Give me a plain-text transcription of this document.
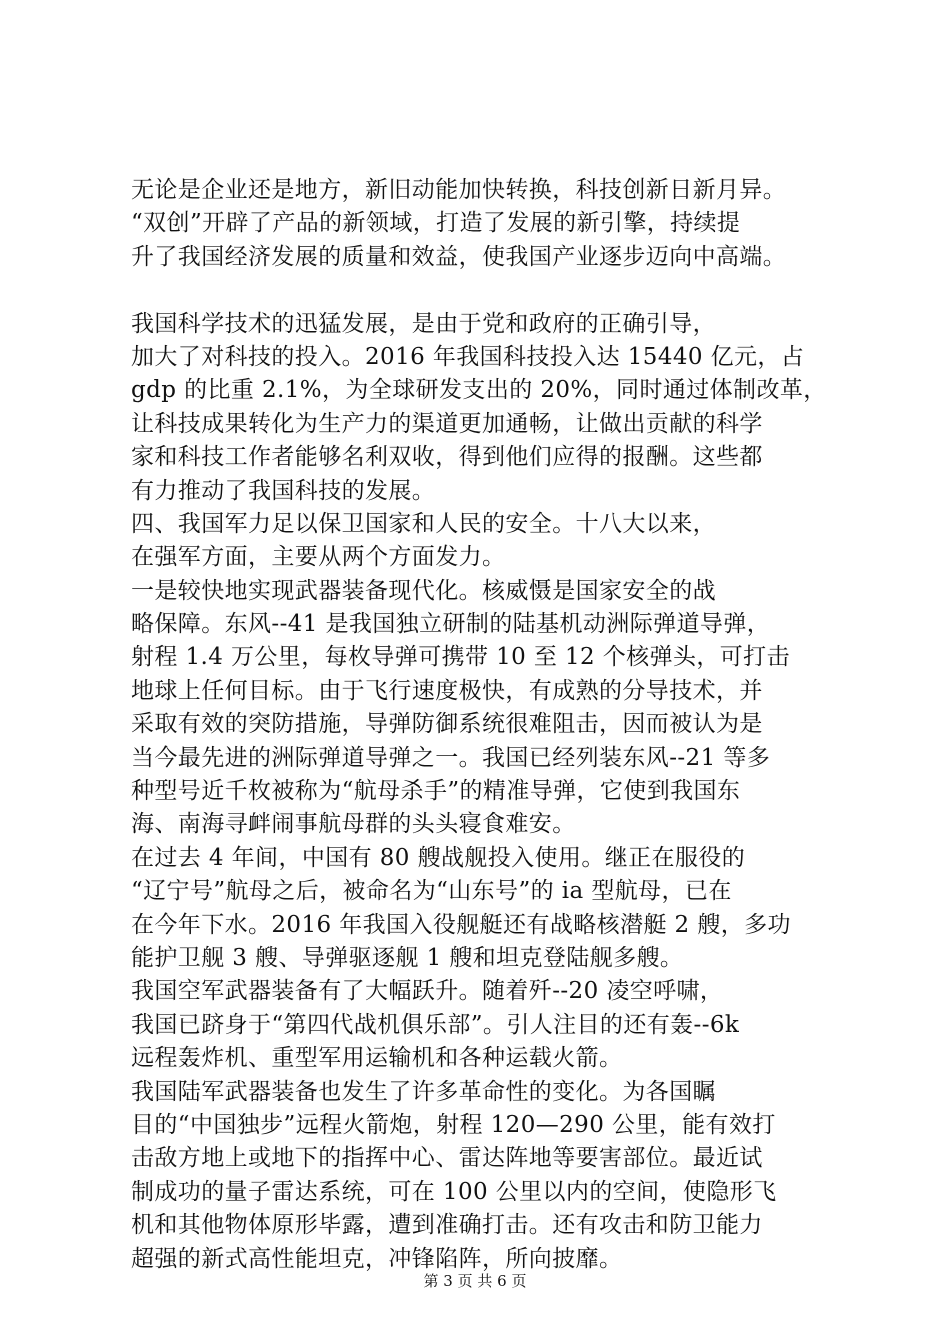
无论是企业还是地方，新旧动能加快转换，科技创新日新月异。
“双创”开辟了产品的新领域，打造了发展的新引擎，持续提
升了我国经济发展的质量和效益，使我国产业逐步迈向中高端。
我国科学技术的迅猛发展，是由于党和政府的正确引导，
加大了对科技的投入。2016 年我国科技投入达 15440 亿元，占
gdp 的比重 2.1%，为全球研发支出的 20%，同时通过体制改革，
让科技成果转化为生产力的渠道更加通畅，让做出贡献的科学
家和科技工作者能够名利双收，得到他们应得的报酬。这些都
有力推动了我国科技的发展。
四、我国军力足以保卫国家和人民的安全。十八大以来，
在强军方面，主要从两个方面发力。
一是较快地实现武器装备现代化。核威慑是国家安全的战
略保障。东风--41 是我国独立研制的陆基机动洲际弹道导弹，
射程 1.4 万公里，每枚导弹可携带 10 至 12 个核弹头，可打击
地球上任何目标。由于飞行速度极快，有成熟的分导技术，并
采取有效的突防措施，导弹防御系统很难阻击，因而被认为是
当今最先进的洲际弹道导弹之一。我国已经列装东风--21 等多
种型号近千枚被称为“航母杀手”的精准导弹，它使到我国东
海、南海寻衅闹事航母群的头头寝食难安。
在过去 4 年间，中国有 80 艘战舰投入使用。继正在服役的
“辽宁号”航母之后，被命名为“山东号”的 ia 型航母，已在
在今年下水。2016 年我国入役舰艇还有战略核潜艇 2 艘，多功
能护卫舰 3 艘、导弹驱逐舰 1 艘和坦克登陆舰多艘。
我国空军武器装备有了大幅跃升。随着歼--20 凌空呼啸，
我国已跻身于“第四代战机俱乐部”。引人注目的还有轰--6k
远程轰炸机、重型军用运输机和各种运载火箭。
我国陆军武器装备也发生了许多革命性的变化。为各国瞩
目的“中国独步”远程火箭炮，射程 120—290 公里，能有效打
击敌方地上或地下的指挥中心、雷达阵地等要害部位。最近试
制成功的量子雷达系统，可在 100 公里以内的空间，使隐形飞
机和其他物体原形毕露，遭到准确打击。还有攻击和防卫能力
超强的新式高性能坦克，冲锋陷阵，所向披靡。
第 3 页 共 6 页
